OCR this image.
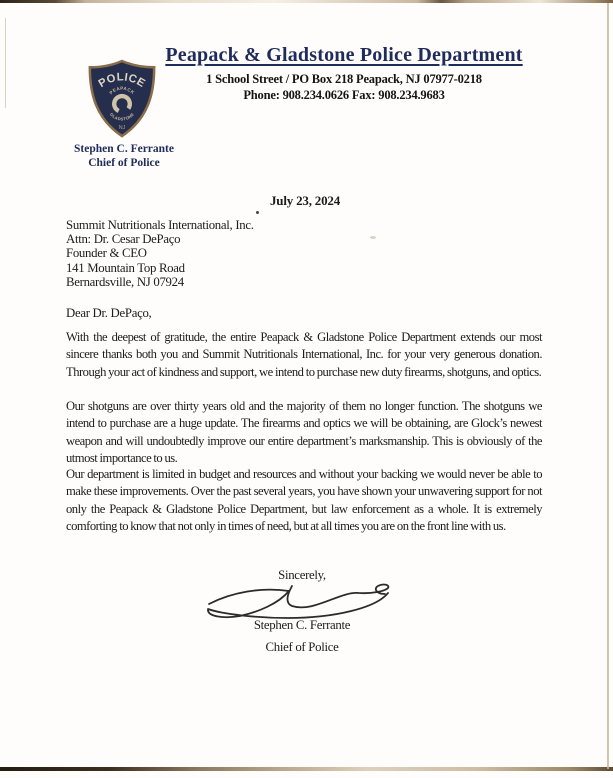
POLICE
PEAPACK
GLADSTONE
NJ
Peapack & Gladstone Police Department
1 School Street / PO Box 218 Peapack, NJ 07977-0218
Phone: 908.234.0626 Fax: 908.234.9683
Stephen C. Ferrante
Chief of Police
July 23, 2024
Summit Nutritionals International, Inc.
Attn: Dr. Cesar DePaço
Founder & CEO
141 Mountain Top Road
Bernardsville, NJ 07924
Dear Dr. DePaço,
With the deepest of gratitude, the entire Peapack & Gladstone Police Department extends our most sincere thanks both you and Summit Nutritionals International, Inc. for your very generous donation. Through your act of kindness and support, we intend to purchase new duty firearms, shotguns, and optics.
Our shotguns are over thirty years old and the majority of them no longer function. The shotguns we intend to purchase are a huge update. The firearms and optics we will be obtaining, are Glock’s newest weapon and will undoubtedly improve our entire department’s marksmanship. This is obviously of the utmost importance to us.
Our department is limited in budget and resources and without your backing we would never be able to make these improvements. Over the past several years, you have shown your unwavering support for not only the Peapack & Gladstone Police Department, but law enforcement as a whole. It is extremely comforting to know that not only in times of need, but at all times you are on the front line with us.
Sincerely,
Stephen C. Ferrante
Chief of Police
